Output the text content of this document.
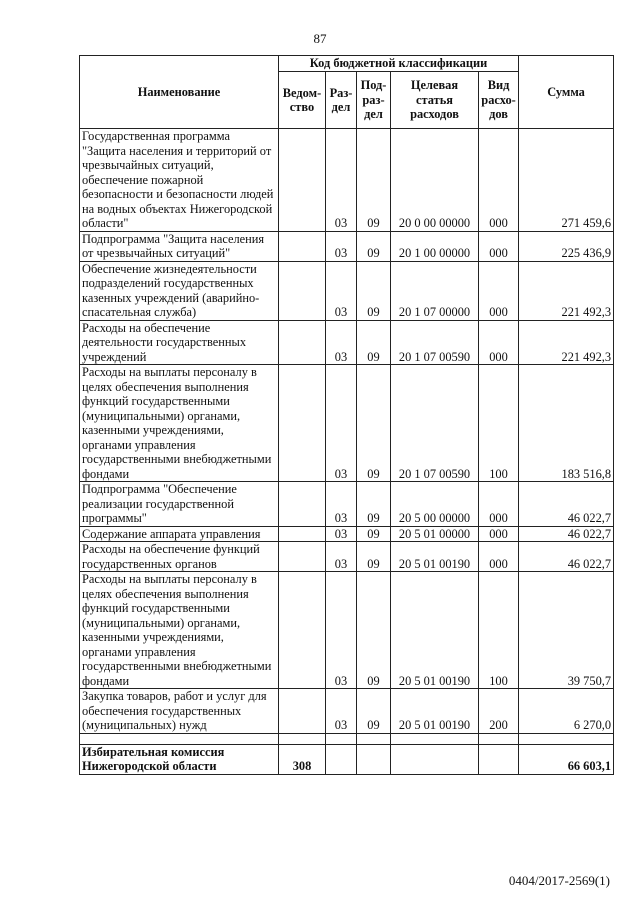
87
Наименование	Код бюджетной классификации					Сумма
	Ведом-ство	Раз-дел	Под-раз-дел	Целевая статья расходов	Вид расхо-дов	
Государственная программа "Защита населения и территорий от чрезвычайных ситуаций, обеспечение пожарной безопасности и безопасности людей на водных объектах Нижегородской области"		03	09	20 0 00 00000	000	271 459,6
Подпрограмма "Защита населения от чрезвычайных ситуаций"		03	09	20 1 00 00000	000	225 436,9
Обеспечение жизнедеятельности подразделений государственных казенных учреждений (аварийно-спасательная служба)		03	09	20 1 07 00000	000	221 492,3
Расходы на обеспечение деятельности государственных учреждений		03	09	20 1 07 00590	000	221 492,3
Расходы на выплаты персоналу в целях обеспечения выполнения функций государственными (муниципальными) органами, казенными учреждениями, органами управления государственными внебюджетными фондами		03	09	20 1 07 00590	100	183 516,8
Подпрограмма "Обеспечение реализации государственной программы"		03	09	20 5 00 00000	000	46 022,7
Содержание аппарата управления		03	09	20 5 01 00000	000	46 022,7
Расходы на обеспечение функций государственных органов		03	09	20 5 01 00190	000	46 022,7
Расходы на выплаты персоналу в целях обеспечения выполнения функций государственными (муниципальными) органами, казенными учреждениями, органами управления государственными внебюджетными фондами		03	09	20 5 01 00190	100	39 750,7
Закупка товаров, работ и услуг для обеспечения государственных (муниципальных) нужд		03	09	20 5 01 00190	200	6 270,0

Избирательная комиссия Нижегородской области	308					66 603,1
0404/2017-2569(1)
